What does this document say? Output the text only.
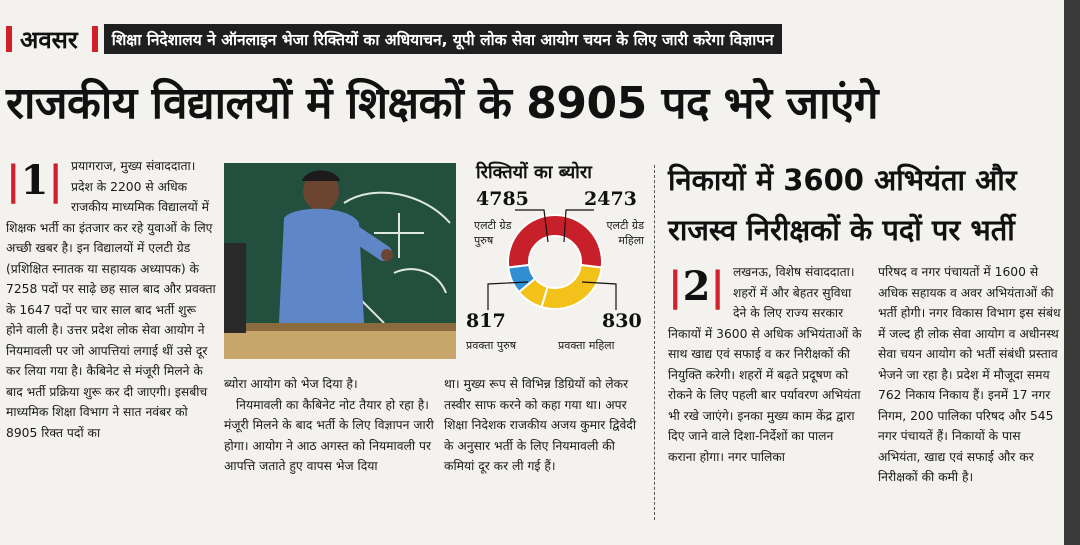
अवसर	शिक्षा निदेशालय ने ऑनलाइन भेजा रिक्तियों का अधियाचन, यूपी लोक सेवा आयोग चयन के लिए जारी करेगा विज्ञापन
राजकीय विद्यालयों में शिक्षकों के 8905 पद भरे जाएंगे
|1| प्रयागराज, मुख्य संवाददाता। प्रदेश के 2200 से अधिक राजकीय माध्यमिक विद्यालयों में शिक्षक भर्ती का इंतजार कर रहे युवाओं के लिए अच्छी खबर है। इन विद्यालयों में एलटी ग्रेड (प्रशिक्षित स्नातक या सहायक अध्यापक) के 7258 पदों पर साढ़े छह साल बाद और प्रवक्ता के 1647 पदों पर चार साल बाद भर्ती शुरू होने वाली है। उत्तर प्रदेश लोक सेवा आयोग ने नियमावली पर जो आपत्तियां लगाई थीं उसे दूर कर लिया गया है। कैबिनेट से मंजूरी मिलने के बाद भर्ती प्रक्रिया शुरू कर दी जाएगी। इसबीच माध्यमिक शिक्षा विभाग ने सात नवंबर को 8905 रिक्त पदों का

ब्योरा आयोग को भेज दिया है।

नियमावली का कैबिनेट नोट तैयार हो रहा है। मंजूरी मिलने के बाद भर्ती के लिए विज्ञापन जारी होगा। आयोग ने आठ अगस्त को नियमावली पर आपत्ति जताते हुए वापस भेज दिया

था। मुख्य रूप से विभिन्न डिग्रियों को लेकर तस्वीर साफ करने को कहा गया था। अपर शिक्षा निदेशक राजकीय अजय कुमार द्विवेदी के अनुसार भर्ती के लिए नियमावली की कमियां दूर कर ली गई हैं।

रिक्तियों का ब्योरा
4785
एलटी ग्रेड
पुरुष
2473
एलटी ग्रेड
महिला
817
प्रवक्ता पुरुष
830
प्रवक्ता महिला
निकायों में 3600 अभियंता और
राजस्व निरीक्षकों के पदों पर भर्ती
|2| लखनऊ, विशेष संवाददाता। शहरों में और बेहतर सुविधा देने के लिए राज्य सरकार निकायों में 3600 से अधिक अभियंताओं के साथ खाद्य एवं सफाई व कर निरीक्षकों की नियुक्ति करेगी। शहरों में बढ़ते प्रदूषण को रोकने के लिए पहली बार पर्यावरण अभियंता भी रखे जाएंगे। इनका मुख्य काम केंद्र द्वारा दिए जाने वाले दिशा-निर्देशों का पालन कराना होगा। नगर पालिका

परिषद व नगर पंचायतों में 1600 से अधिक सहायक व अवर अभियंताओं की भर्ती होगी। नगर विकास विभाग इस संबंध में जल्द ही लोक सेवा आयोग व अधीनस्थ सेवा चयन आयोग को भर्ती संबंधी प्रस्ताव भेजने जा रहा है। प्रदेश में मौजूदा समय 762 निकाय निकाय हैं। इनमें 17 नगर निगम, 200 पालिका परिषद और 545 नगर पंचायतें हैं। निकायों के पास अभियंता, खाद्य एवं सफाई और कर निरीक्षकों की कमी है।
